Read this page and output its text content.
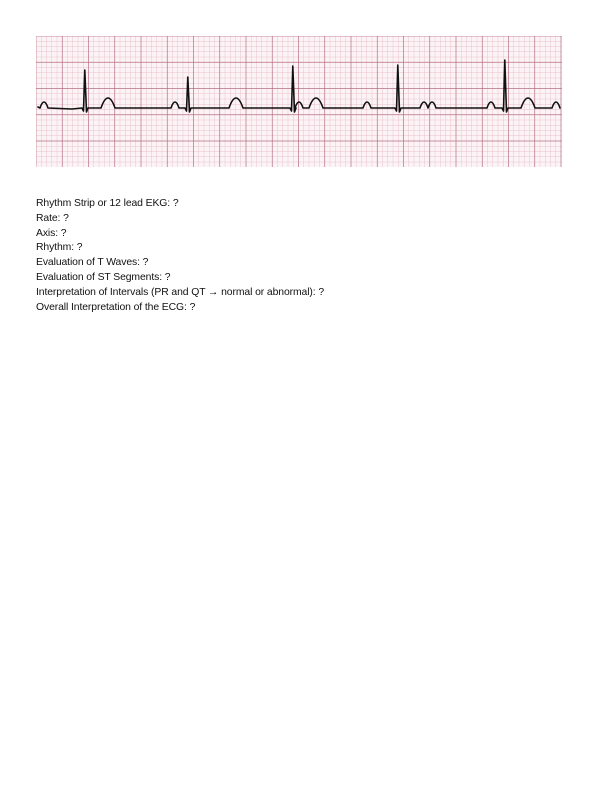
Rhythm Strip or 12 lead EKG: ?
Rate: ?
Axis: ?
Rhythm: ?
Evaluation of T Waves: ?
Evaluation of ST Segments: ?
Interpretation of Intervals (PR and QT → normal or abnormal): ?
Overall Interpretation of the ECG: ?
